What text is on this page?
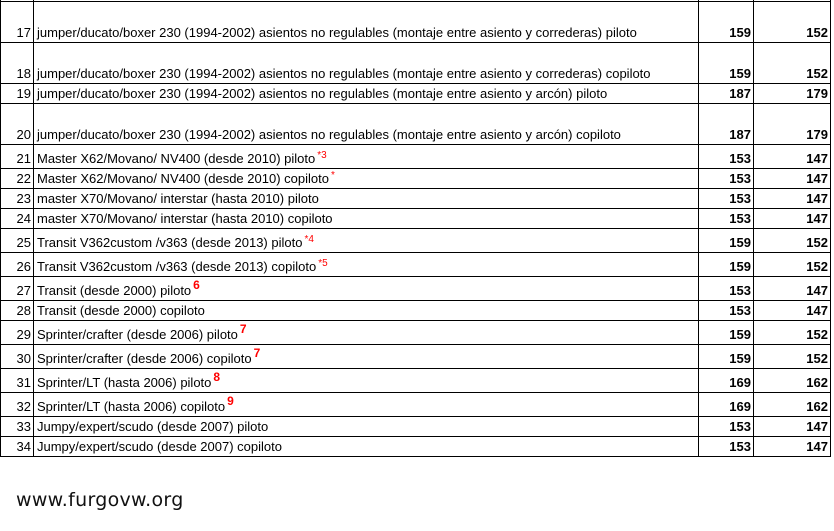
17	jumper/ducato/boxer 230 (1994-2002) asientos no regulables (montaje entre asiento y correderas) piloto	159	152
18	jumper/ducato/boxer 230 (1994-2002) asientos no regulables (montaje entre asiento y correderas) copiloto	159	152
19	jumper/ducato/boxer 230 (1994-2002) asientos no regulables (montaje entre asiento y arcón) piloto	187	179
20	jumper/ducato/boxer 230 (1994-2002) asientos no regulables (montaje entre asiento y arcón) copiloto	187	179
21	Master X62/Movano/ NV400 (desde 2010) piloto $^{*3}$	153	147
22	Master X62/Movano/ NV400 (desde 2010) copiloto *	153	147
23	master X70/Movano/ interstar (hasta 2010) piloto	153	147
24	master X70/Movano/ interstar (hasta 2010) copiloto	153	147
25	Transit V362custom /v363 (desde 2013) piloto $^{*4}$	159	152
26	Transit V362custom /v363 (desde 2013) copiloto $^{*5}$	159	152
27	Transit (desde 2000) piloto 6	153	147
28	Transit (desde 2000) copiloto	153	147
29	Sprinter/crafter (desde 2006) piloto 7	159	152
30	Sprinter/crafter (desde 2006) copiloto 7	159	152
31	Sprinter/LT (hasta 2006) piloto 8	169	162
32	Sprinter/LT (hasta 2006) copiloto 9	169	162
33	Jumpy/expert/scudo (desde 2007) piloto	153	147
34	Jumpy/expert/scudo (desde 2007) copiloto	153	147
www.furgovw.org
